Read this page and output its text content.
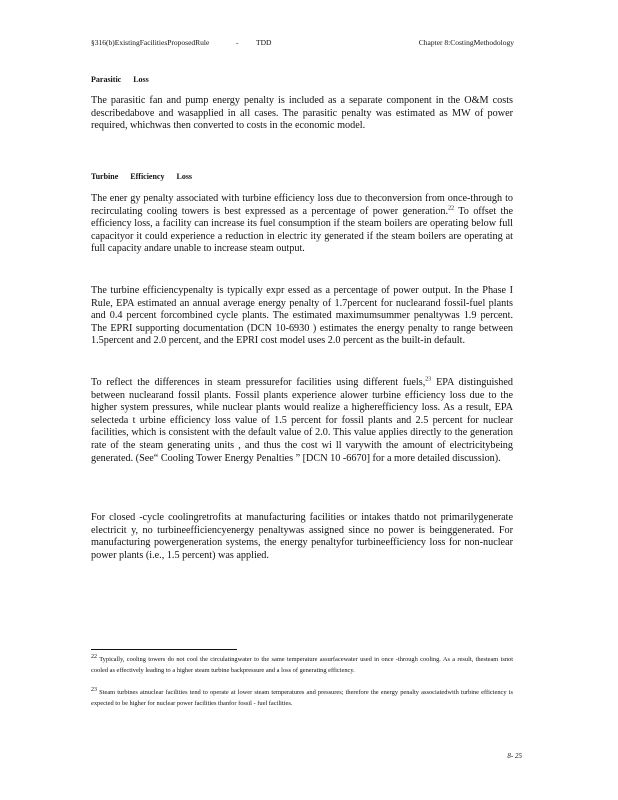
§316(b)ExistingFacilitiesProposedRule	- TDD	Chapter 8:CostingMethodology
Parasitic Loss
The parasitic fan and pump energy penalty is included as a separate component in the O&M costs describedabove and wasapplied in all cases. The parasitic penalty was estimated as MW of power required, whichwas then converted to costs in the economic model.
Turbine Efficiency Loss
The ener gy penalty associated with turbine efficiency loss due to theconversion from once-through to recirculating cooling towers is best expressed as a percentage of power generation.$^{22}$ To offset the efficiency loss, a facility can increase its fuel consumption if the steam boilers are operating below full capacityor it could experience a reduction in electric ity generated if the steam boilers are operating at full capacity andare unable to increase steam output.
The turbine efficiencypenalty is typically expr essed as a percentage of power output. In the Phase I Rule, EPA estimated an annual average energy penalty of 1.7percent for nuclearand fossil-fuel plants and 0.4 percent forcombined cycle plants. The estimated maximumsummer penaltywas 1.9 percent. The EPRI supporting documentation (DCN 10-6930 ) estimates the energy penalty to range between 1.5percent and 2.0 percent, and the EPRI cost model uses 2.0 percent as the built-in default.
To reflect the differences in steam pressurefor facilities using different fuels,$^{23}$ EPA distinguished between nuclearand fossil plants. Fossil plants experience alower turbine efficiency loss due to the higher system pressures, while nuclear plants would realize a higherefficiency loss. As a result, EPA selecteda t urbine efficiency loss value of 1.5 percent for fossil plants and 2.5 percent for nuclear facilities, which is consistent with the default value of 2.0. This value applies directly to the generation rate of the steam generating units , and thus the cost wi ll varywith the amount of electricitybeing generated. (See“ Cooling Tower Energy Penalties ” [DCN 10 -6670] for a more detailed discussion).
For closed -cycle coolingretrofits at manufacturing facilities or intakes thatdo not primarilygenerate electricit y, no turbineefficiencyenergy penaltywas assigned since no power is beinggenerated. For manufacturing powergeneration systems, the energy penaltyfor turbineefficiency loss for non-nuclear power plants (i.e., 1.5 percent) was applied.
$^{22}$ Typically, cooling towers do not cool the circulatingwater to the same temperature assurfacewater used in once -through cooling. As a result, thesteam isnot cooled as effectively leading to a higher steam turbine backpressure and a loss of generating efficiency.
$^{23}$ Steam turbines atnuclear facilities tend to operate at lower steam temperatures and pressures; therefore the energy penalty associatedwith turbine efficiency is expected to be higher for nuclear power facilities thanfor fossil - fuel facilities.
8- 25
